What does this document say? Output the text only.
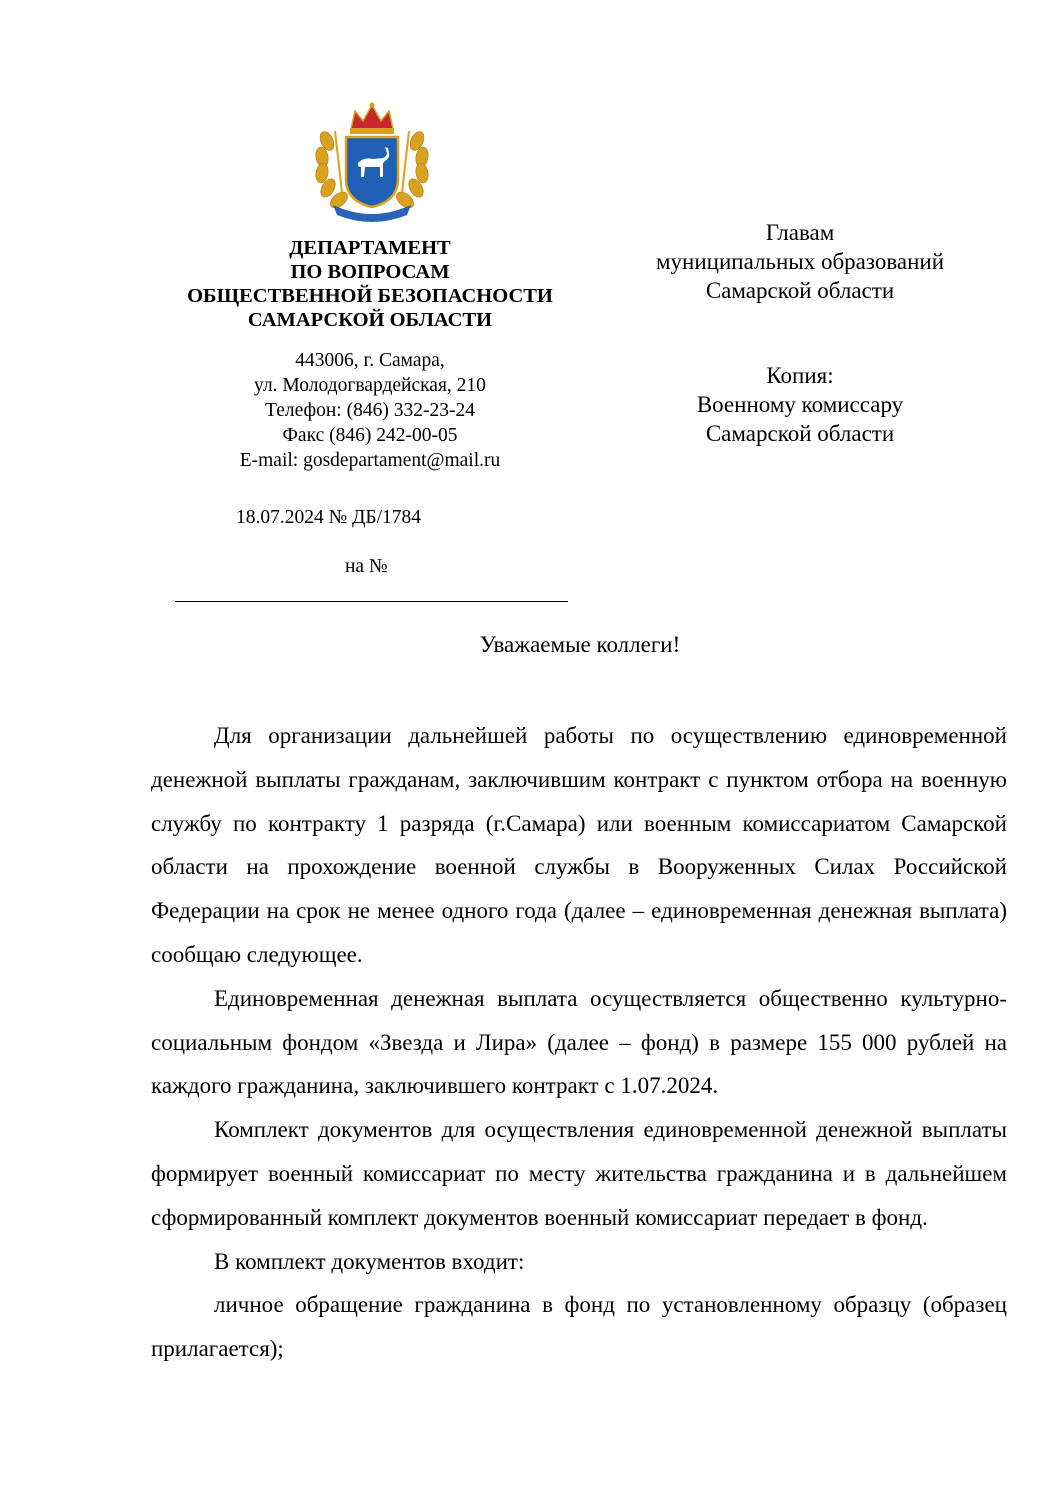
ДЕПАРТАМЕНТ
ПО ВОПРОСАМ
ОБЩЕСТВЕННОЙ БЕЗОПАСНОСТИ
САМАРСКОЙ ОБЛАСТИ
443006, г. Самара,
ул. Молодогвардейская, 210
Телефон: (846) 332-23-24
Факс (846) 242-00-05
E-mail: gosdepartament@mail.ru
18.07.2024 № ДБ/1784
на №
Главам
муниципальных образований
Самарской области
Копия:
Военному комиссару
Самарской области
Уважаемые коллеги!

Для организации дальнейшей работы по осуществлению единовременной денежной выплаты гражданам, заключившим контракт с пунктом отбора на военную службу по контракту 1 разряда (г.Самара) или военным комиссариатом Самарской области на прохождение военной службы в Вооруженных Силах Российской Федерации на срок не менее одного года (далее – единовременная денежная выплата) сообщаю следующее.

Единовременная денежная выплата осуществляется общественно культурно-социальным фондом «Звезда и Лира» (далее – фонд) в размере 155 000 рублей на каждого гражданина, заключившего контракт с 1.07.2024.

Комплект документов для осуществления единовременной денежной выплаты формирует военный комиссариат по месту жительства гражданина и в дальнейшем сформированный комплект документов военный комиссариат передает в фонд.

В комплект документов входит:

личное обращение гражданина в фонд по установленному образцу (образец прилагается);
